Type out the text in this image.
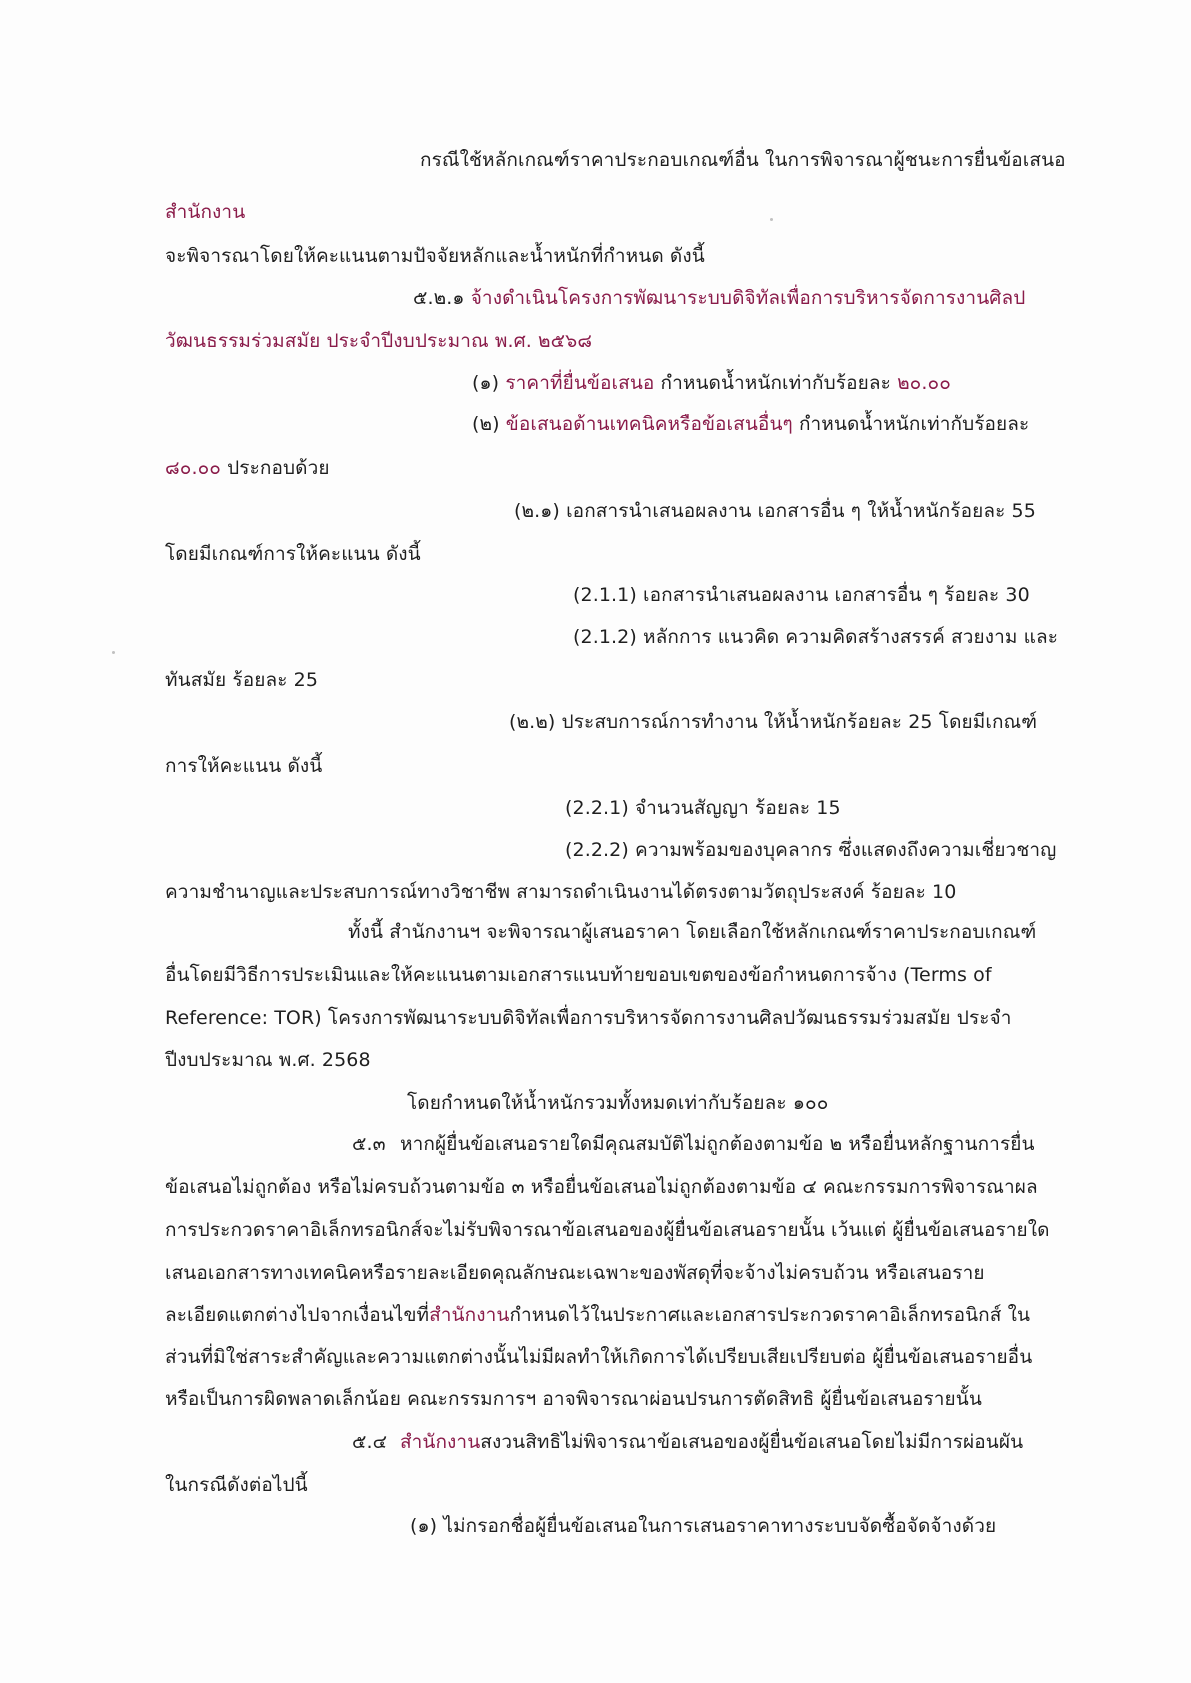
กรณีใช้หลักเกณฑ์ราคาประกอบเกณฑ์อื่น ในการพิจารณาผู้ชนะการยื่นข้อเสนอ
สำนักงาน
จะพิจารณาโดยให้คะแนนตามปัจจัยหลักและน้ำหนักที่กำหนด ดังนี้
๕.๒.๑ จ้างดำเนินโครงการพัฒนาระบบดิจิทัลเพื่อการบริหารจัดการงานศิลป
วัฒนธรรมร่วมสมัย ประจำปีงบประมาณ พ.ศ. ๒๕๖๘
(๑) ราคาที่ยื่นข้อเสนอ กำหนดน้ำหนักเท่ากับร้อยละ ๒๐.๐๐
(๒) ข้อเสนอด้านเทคนิคหรือข้อเสนอื่นๆ กำหนดน้ำหนักเท่ากับร้อยละ
๘๐.๐๐ ประกอบด้วย
(๒.๑) เอกสารนำเสนอผลงาน เอกสารอื่น ๆ ให้น้ำหนักร้อยละ 55
โดยมีเกณฑ์การให้คะแนน ดังนี้
(2.1.1) เอกสารนำเสนอผลงาน เอกสารอื่น ๆ ร้อยละ 30
(2.1.2) หลักการ แนวคิด ความคิดสร้างสรรค์ สวยงาม และ
ทันสมัย ร้อยละ 25
(๒.๒) ประสบการณ์การทำงาน ให้น้ำหนักร้อยละ 25 โดยมีเกณฑ์
การให้คะแนน ดังนี้
(2.2.1) จำนวนสัญญา ร้อยละ 15
(2.2.2) ความพร้อมของบุคลากร ซึ่งแสดงถึงความเชี่ยวชาญ
ความชำนาญและประสบการณ์ทางวิชาชีพ สามารถดำเนินงานได้ตรงตามวัตถุประสงค์ ร้อยละ 10
ทั้งนี้ สำนักงานฯ จะพิจารณาผู้เสนอราคา โดยเลือกใช้หลักเกณฑ์ราคาประกอบเกณฑ์
อื่นโดยมีวิธีการประเมินและให้คะแนนตามเอกสารแนบท้ายขอบเขตของข้อกำหนดการจ้าง (Terms of
Reference: TOR) โครงการพัฒนาระบบดิจิทัลเพื่อการบริหารจัดการงานศิลปวัฒนธรรมร่วมสมัย ประจำ
ปีงบประมาณ พ.ศ. 2568
โดยกำหนดให้น้ำหนักรวมทั้งหมดเท่ากับร้อยละ ๑๐๐
๕.๓ หากผู้ยื่นข้อเสนอรายใดมีคุณสมบัติไม่ถูกต้องตามข้อ ๒ หรือยื่นหลักฐานการยื่น
ข้อเสนอไม่ถูกต้อง หรือไม่ครบถ้วนตามข้อ ๓ หรือยื่นข้อเสนอไม่ถูกต้องตามข้อ ๔ คณะกรรมการพิจารณาผล
การประกวดราคาอิเล็กทรอนิกส์จะไม่รับพิจารณาข้อเสนอของผู้ยื่นข้อเสนอรายนั้น เว้นแต่ ผู้ยื่นข้อเสนอรายใด
เสนอเอกสารทางเทคนิคหรือรายละเอียดคุณลักษณะเฉพาะของพัสดุที่จะจ้างไม่ครบถ้วน หรือเสนอราย
ละเอียดแตกต่างไปจากเงื่อนไขที่สำนักงานกำหนดไว้ในประกาศและเอกสารประกวดราคาอิเล็กทรอนิกส์ ใน
ส่วนที่มิใช่สาระสำคัญและความแตกต่างนั้นไม่มีผลทำให้เกิดการได้เปรียบเสียเปรียบต่อ ผู้ยื่นข้อเสนอรายอื่น
หรือเป็นการผิดพลาดเล็กน้อย คณะกรรมการฯ อาจพิจารณาผ่อนปรนการตัดสิทธิ ผู้ยื่นข้อเสนอรายนั้น
๕.๔ สำนักงานสงวนสิทธิไม่พิจารณาข้อเสนอของผู้ยื่นข้อเสนอโดยไม่มีการผ่อนผัน
ในกรณีดังต่อไปนี้
(๑) ไม่กรอกชื่อผู้ยื่นข้อเสนอในการเสนอราคาทางระบบจัดซื้อจัดจ้างด้วย
